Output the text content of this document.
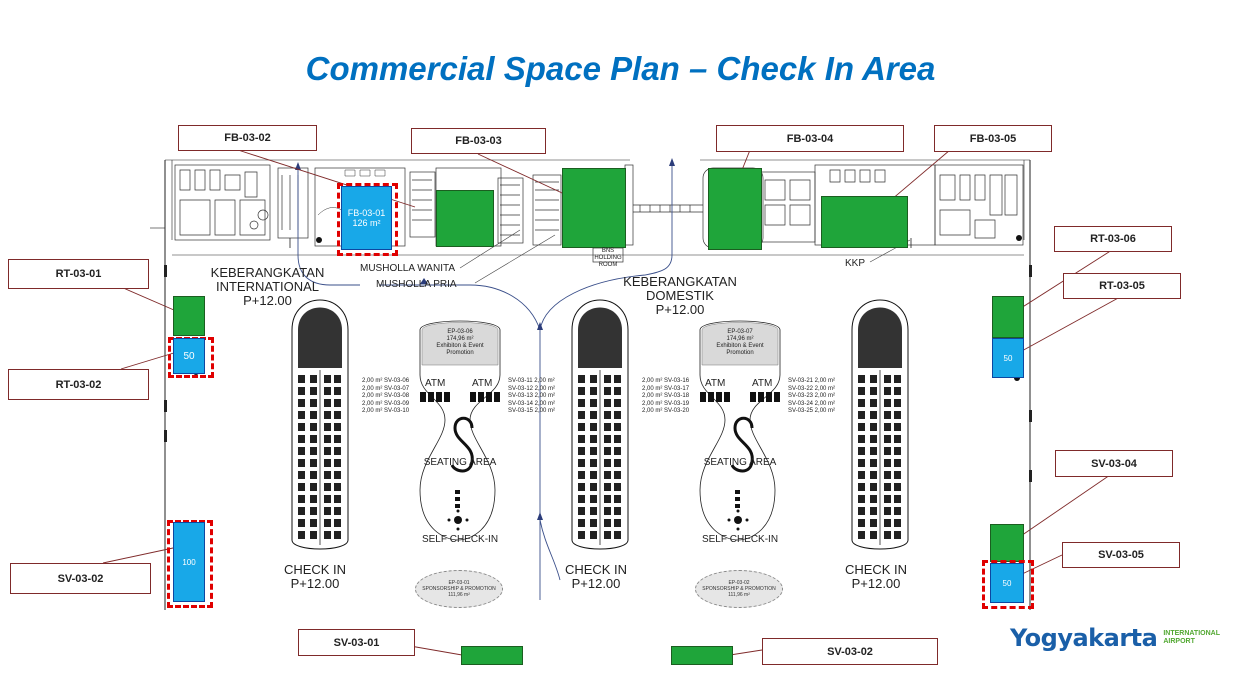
Commercial Space Plan – Check In Area
FB-03-01
126 m²
50	50
100
50
FB-03-02	FB-03-03	FB-03-04	FB-03-05
RT-03-01
RT-03-02
RT-03-06
RT-03-05
SV-03-02
SV-03-04
SV-03-05
SV-03-01
SV-03-02
KEBERANGKATAN
INTERNATIONAL
P+12.00
KEBERANGKATAN
DOMESTIK
P+12.00
MUSHOLLA WANITA
MUSHOLLA PRIA
KKP
BNS HOLDING
ROOM
CHECK IN
P+12.00
CHECK IN
P+12.00
CHECK IN
P+12.00
SEATING AREA	SEATING AREA
SELF CHECK-IN	SELF CHECK-IN
ATM	ATM	ATM	ATM
EP-03-06
174,96 m²
Exhibiton & Event
Promotion
EP-03-07
174,96 m²
Exhibiton & Event
Promotion
EP-03-01
SPONSORSHIP & PROMOTION
111,96 m²
EP-03-02
SPONSORSHIP & PROMOTION
111,96 m²
2,00 m² SV-03-06
2,00 m² SV-03-07
2,00 m² SV-03-08
2,00 m² SV-03-09
2,00 m² SV-03-10
SV-03-11 2,00 m²
SV-03-12 2,00 m²
SV-03-13 2,00 m²
SV-03-14 2,00 m²
SV-03-15 2,00 m²
2,00 m² SV-03-16
2,00 m² SV-03-17
2,00 m² SV-03-18
2,00 m² SV-03-19
2,00 m² SV-03-20
SV-03-21 2,00 m²
SV-03-22 2,00 m²
SV-03-23 2,00 m²
SV-03-24 2,00 m²
SV-03-25 2,00 m²
Yogyakarta INTERNATIONAL
AIRPORT
